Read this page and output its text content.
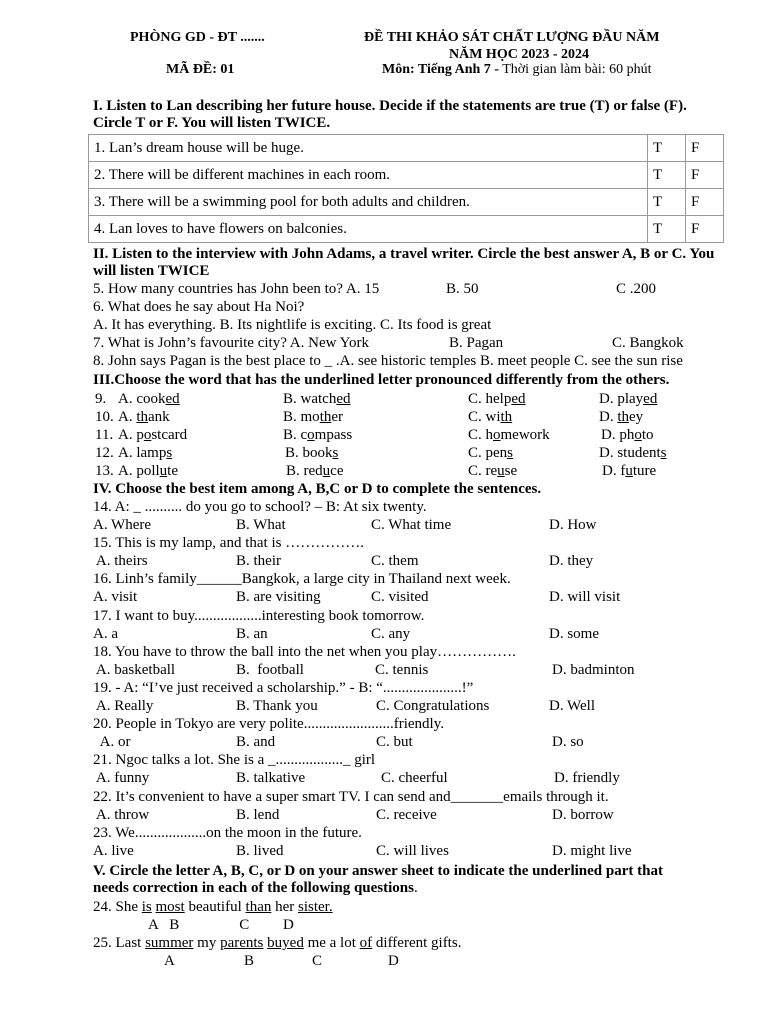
PHÒNG GD - ĐT .......
MÃ ĐỀ: 01
ĐỀ THI KHẢO SÁT CHẤT LƯỢNG ĐẦU NĂM
NĂM HỌC 2023 - 2024
Môn: Tiếng Anh 7 - Thời gian làm bài: 60 phút
I. Listen to Lan describing her future house. Decide if the statements are true (T) or false (F). Circle T or F. You will listen TWICE.
1. Lan’s dream house will be huge.	T	F
2. There will be different machines in each room.	T	F
3. There will be a swimming pool for both adults and children.	T	F
4. Lan loves to have flowers on balconies.	T	F
II. Listen to the interview with John Adams, a travel writer. Circle the best answer A, B or C. You will listen TWICE
5. How many countries has John been to? A. 15	B. 50	C .200
6. What does he say about Ha Noi?
A. It has everything. B. Its nightlife is exciting. C. Its food is great
7. What is John’s favourite city? A. New York	B. Pagan	C. Bangkok
8. John says Pagan is the best place to _ .A. see historic temples B. meet people C. see the sun rise
III.Choose the word that has the underlined letter pronounced differently from the others.
9. A. cooked	B. watched	C. helped	D. played
10. A. thank	B. mother	C. with	D. they
11. A. postcard	B. compass	C. homework	D. photo
12. A. lamps	B. books	C. pens	D. students
13. A. pollute	B. reduce	C. reuse	D. future
IV. Choose the best item among A, B,C or D to complete the sentences.
14. A: _ .......... do you go to school? – B: At six twenty.
A. Where	B. What	C. What time	D. How
15. This is my lamp, and that is …………….
A. theirs	B. their	C. them	D. they
16. Linh’s family______Bangkok, a large city in Thailand next week.
A. visit	B. are visiting	C. visited	D. will visit
17. I want to buy..................interesting book tomorrow.
A. a	B. an	C. any	D. some
18. You have to throw the ball into the net when you play…………….
A. basketball	B.  football	C. tennis	D. badminton
19. - A: “I’ve just received a scholarship.” - B: “.....................!”
A. Really	B. Thank you	C. Congratulations	D. Well
20. People in Tokyo are very polite........................friendly.
A. or	B. and	C. but	D. so
21. Ngoc talks a lot. She is a _.................._ girl
A. funny	B. talkative	C. cheerful	D. friendly
22. It’s convenient to have a super smart TV. I can send and_______emails through it.
A. throw	B. lend	C. receive	D. borrow
23. We...................on the moon in the future.
A. live	B. lived	C. will lives	D. might live
V. Circle the letter A, B, C, or D on your answer sheet to indicate the underlined part that needs correction in each of the following questions.
24. She is most beautiful than her sister.
A   B                C         D
25. Last summer my parents buyed me a lot of different gifts.
A	B	C	D
